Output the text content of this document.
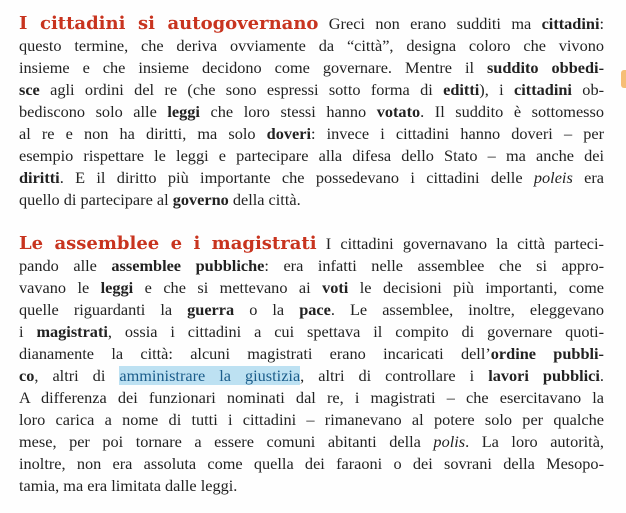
I cittadini si autogovernano Greci non erano sudditi ma cittadini:
questo termine, che deriva ovviamente da “città”, designa coloro che vivono
insieme e che insieme decidono come governare. Mentre il suddito obbedi-
sce agli ordini del re (che sono espressi sotto forma di editti), i cittadini ob-
bediscono solo alle leggi che loro stessi hanno votato. Il suddito è sottomesso
al re e non ha diritti, ma solo doveri: invece i cittadini hanno doveri – per
esempio rispettare le leggi e partecipare alla difesa dello Stato – ma anche dei
diritti. E il diritto più importante che possedevano i cittadini delle poleis era
quello di partecipare al governo della città.
Le assemblee e i magistrati I cittadini governavano la città parteci-
pando alle assemblee pubbliche: era infatti nelle assemblee che si appro-
vavano le leggi e che si mettevano ai voti le decisioni più importanti, come
quelle riguardanti la guerra o la pace. Le assemblee, inoltre, eleggevano
i magistrati, ossia i cittadini a cui spettava il compito di governare quoti-
dianamente la città: alcuni magistrati erano incaricati dell’ordine pubbli-
co, altri di amministrare la giustizia, altri di controllare i lavori pubblici.
A differenza dei funzionari nominati dal re, i magistrati – che esercitavano la
loro carica a nome di tutti i cittadini – rimanevano al potere solo per qualche
mese, per poi tornare a essere comuni abitanti della polis. La loro autorità,
inoltre, non era assoluta come quella dei faraoni o dei sovrani della Mesopo-
tamia, ma era limitata dalle leggi.
